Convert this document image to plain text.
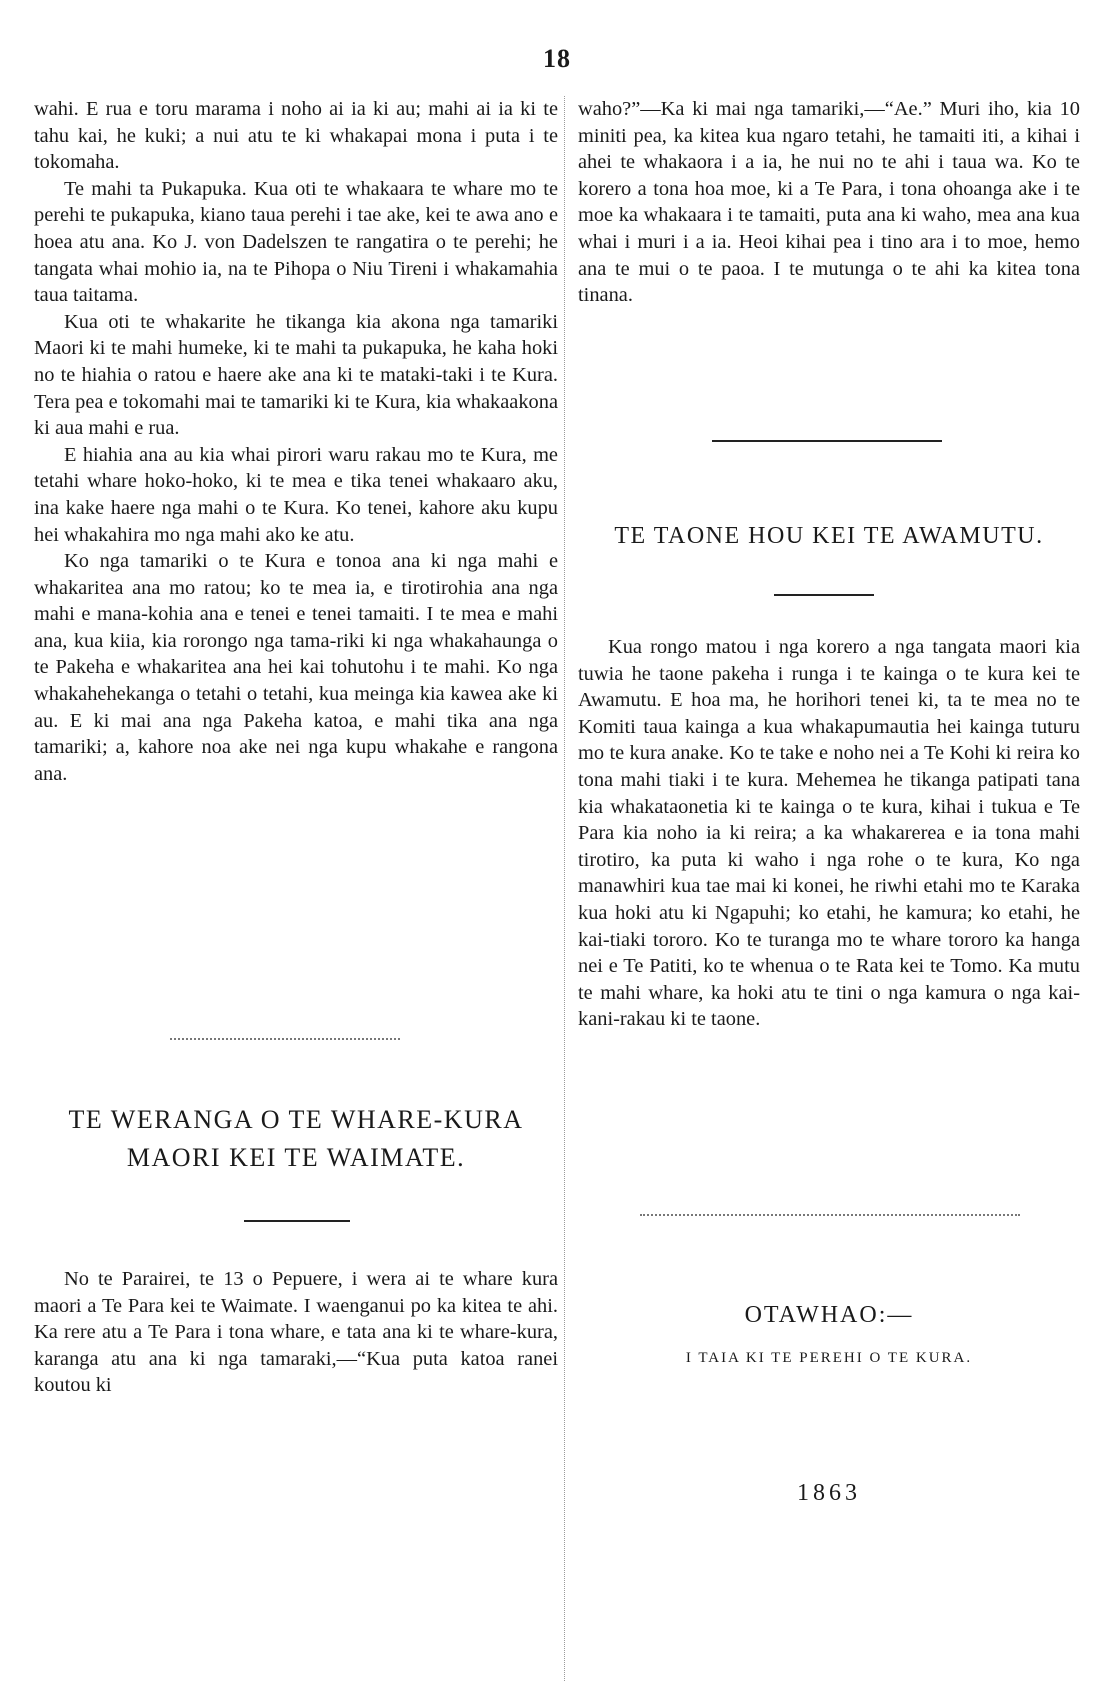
18

wahi. E rua e toru marama i noho ai ia ki au; mahi ai ia ki te tahu kai, he kuki; a nui atu te ki whakapai mona i puta i te tokomaha.

Te mahi ta Pukapuka. Kua oti te whakaara te whare mo te perehi te pukapuka, kiano taua perehi i tae ake, kei te awa ano e hoea atu ana. Ko J. von Dadelszen te rangatira o te perehi; he tangata whai mohio ia, na te Pihopa o Niu Tireni i whakamahia taua taitama.

Kua oti te whakarite he tikanga kia akona nga tamariki Maori ki te mahi humeke, ki te mahi ta pukapuka, he kaha hoki no te hiahia o ratou e haere ake ana ki te mataki-taki i te Kura. Tera pea e tokomahi mai te tamariki ki te Kura, kia whakaakona ki aua mahi e rua.

E hiahia ana au kia whai pirori waru rakau mo te Kura, me tetahi whare hoko-hoko, ki te mea e tika tenei whakaaro aku, ina kake haere nga mahi o te Kura. Ko tenei, kahore aku kupu hei whakahira mo nga mahi ako ke atu.

Ko nga tamariki o te Kura e tonoa ana ki nga mahi e whakaritea ana mo ratou; ko te mea ia, e tirotirohia ana nga mahi e mana-kohia ana e tenei e tenei tamaiti. I te mea e mahi ana, kua kiia, kia rorongo nga tama-riki ki nga whakahaunga o te Pakeha e whakaritea ana hei kai tohutohu i te mahi. Ko nga whakahehekanga o tetahi o tetahi, kua meinga kia kawea ake ki au. E ki mai ana nga Pakeha katoa, e mahi tika ana nga tamariki; a, kahore noa ake nei nga kupu whakahe e rangona ana.

TE WERANGA O TE WHARE-KURA
MAORI KEI TE WAIMATE.

No te Parairei, te 13 o Pepuere, i wera ai te whare kura maori a Te Para kei te Waimate. I waenganui po ka kitea te ahi. Ka rere atu a Te Para i tona whare, e tata ana ki te whare-kura, karanga atu ana ki nga tamaraki,—“Kua puta katoa ranei koutou ki

waho?”—Ka ki mai nga tamariki,—“Ae.” Muri iho, kia 10 miniti pea, ka kitea kua ngaro tetahi, he tamaiti iti, a kihai i ahei te whakaora i a ia, he nui no te ahi i taua wa. Ko te korero a tona hoa moe, ki a Te Para, i tona ohoanga ake i te moe ka whakaara i te tamaiti, puta ana ki waho, mea ana kua whai i muri i a ia. Heoi kihai pea i tino ara i to moe, hemo ana te mui o te paoa. I te mutunga o te ahi ka kitea tona tinana.

TE TAONE HOU KEI TE AWAMUTU.

Kua rongo matou i nga korero a nga tangata maori kia tuwia he taone pakeha i runga i te kainga o te kura kei te Awamutu. E hoa ma, he horihori tenei ki, ta te mea no te Komiti taua kainga a kua whakapumautia hei kainga tuturu mo te kura anake. Ko te take e noho nei a Te Kohi ki reira ko tona mahi tiaki i te kura. Mehemea he tikanga patipati tana kia whakataonetia ki te kainga o te kura, kihai i tukua e Te Para kia noho ia ki reira; a ka whakarerea e ia tona mahi tirotiro, ka puta ki waho i nga rohe o te kura, Ko nga manawhiri kua tae mai ki konei, he riwhi etahi mo te Karaka kua hoki atu ki Ngapuhi; ko etahi, he kamura; ko etahi, he kai-tiaki tororo. Ko te turanga mo te whare tororo ka hanga nei e Te Patiti, ko te whenua o te Rata kei te Tomo. Ka mutu te mahi whare, ka hoki atu te tini o nga kamura o nga kai-kani-rakau ki te taone.

OTAWHAO:—
I TAIA KI TE PEREHI O TE KURA.
1863
